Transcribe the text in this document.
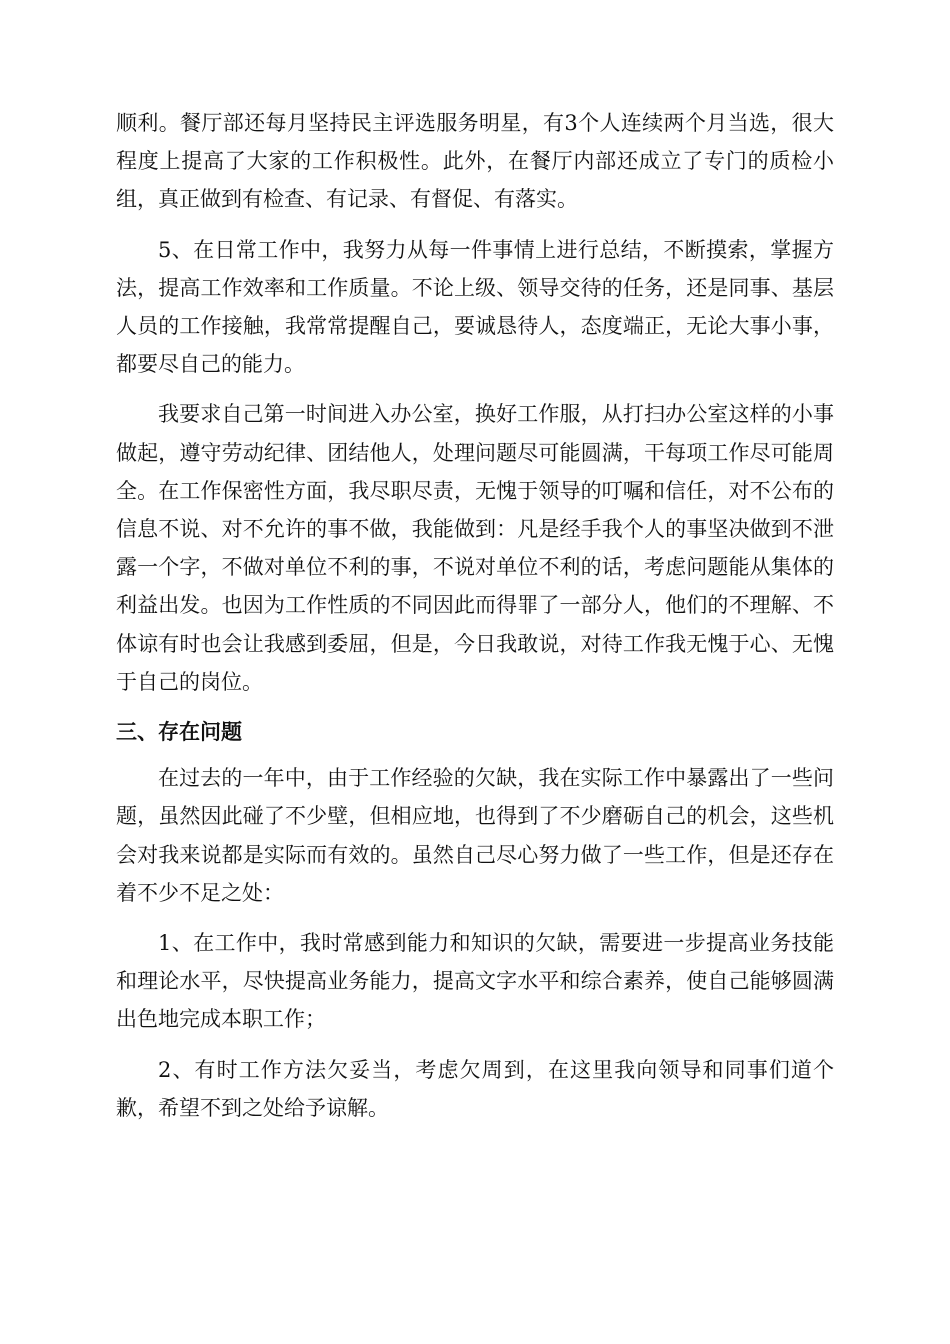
顺利。餐厅部还每月坚持民主评选服务明星，有3个人连续两个月当选，很大程度上提高了大家的工作积极性。此外，在餐厅内部还成立了专门的质检小组，真正做到有检查、有记录、有督促、有落实。

5、在日常工作中，我努力从每一件事情上进行总结，不断摸索，掌握方法，提高工作效率和工作质量。不论上级、领导交待的任务，还是同事、基层人员的工作接触，我常常提醒自己，要诚恳待人，态度端正，无论大事小事，都要尽自己的能力。

我要求自己第一时间进入办公室，换好工作服，从打扫办公室这样的小事做起，遵守劳动纪律、团结他人，处理问题尽可能圆满，干每项工作尽可能周全。在工作保密性方面，我尽职尽责，无愧于领导的叮嘱和信任，对不公布的信息不说、对不允许的事不做，我能做到：凡是经手我个人的事坚决做到不泄露一个字，不做对单位不利的事，不说对单位不利的话，考虑问题能从集体的利益出发。也因为工作性质的不同因此而得罪了一部分人，他们的不理解、不体谅有时也会让我感到委屈，但是，今日我敢说，对待工作我无愧于心、无愧于自己的岗位。

三、存在问题

在过去的一年中，由于工作经验的欠缺，我在实际工作中暴露出了一些问题，虽然因此碰了不少壁，但相应地，也得到了不少磨砺自己的机会，这些机会对我来说都是实际而有效的。虽然自己尽心努力做了一些工作，但是还存在着不少不足之处：

1、在工作中，我时常感到能力和知识的欠缺，需要进一步提高业务技能和理论水平，尽快提高业务能力，提高文字水平和综合素养，使自己能够圆满出色地完成本职工作；

2、有时工作方法欠妥当，考虑欠周到，在这里我向领导和同事们道个歉，希望不到之处给予谅解。
